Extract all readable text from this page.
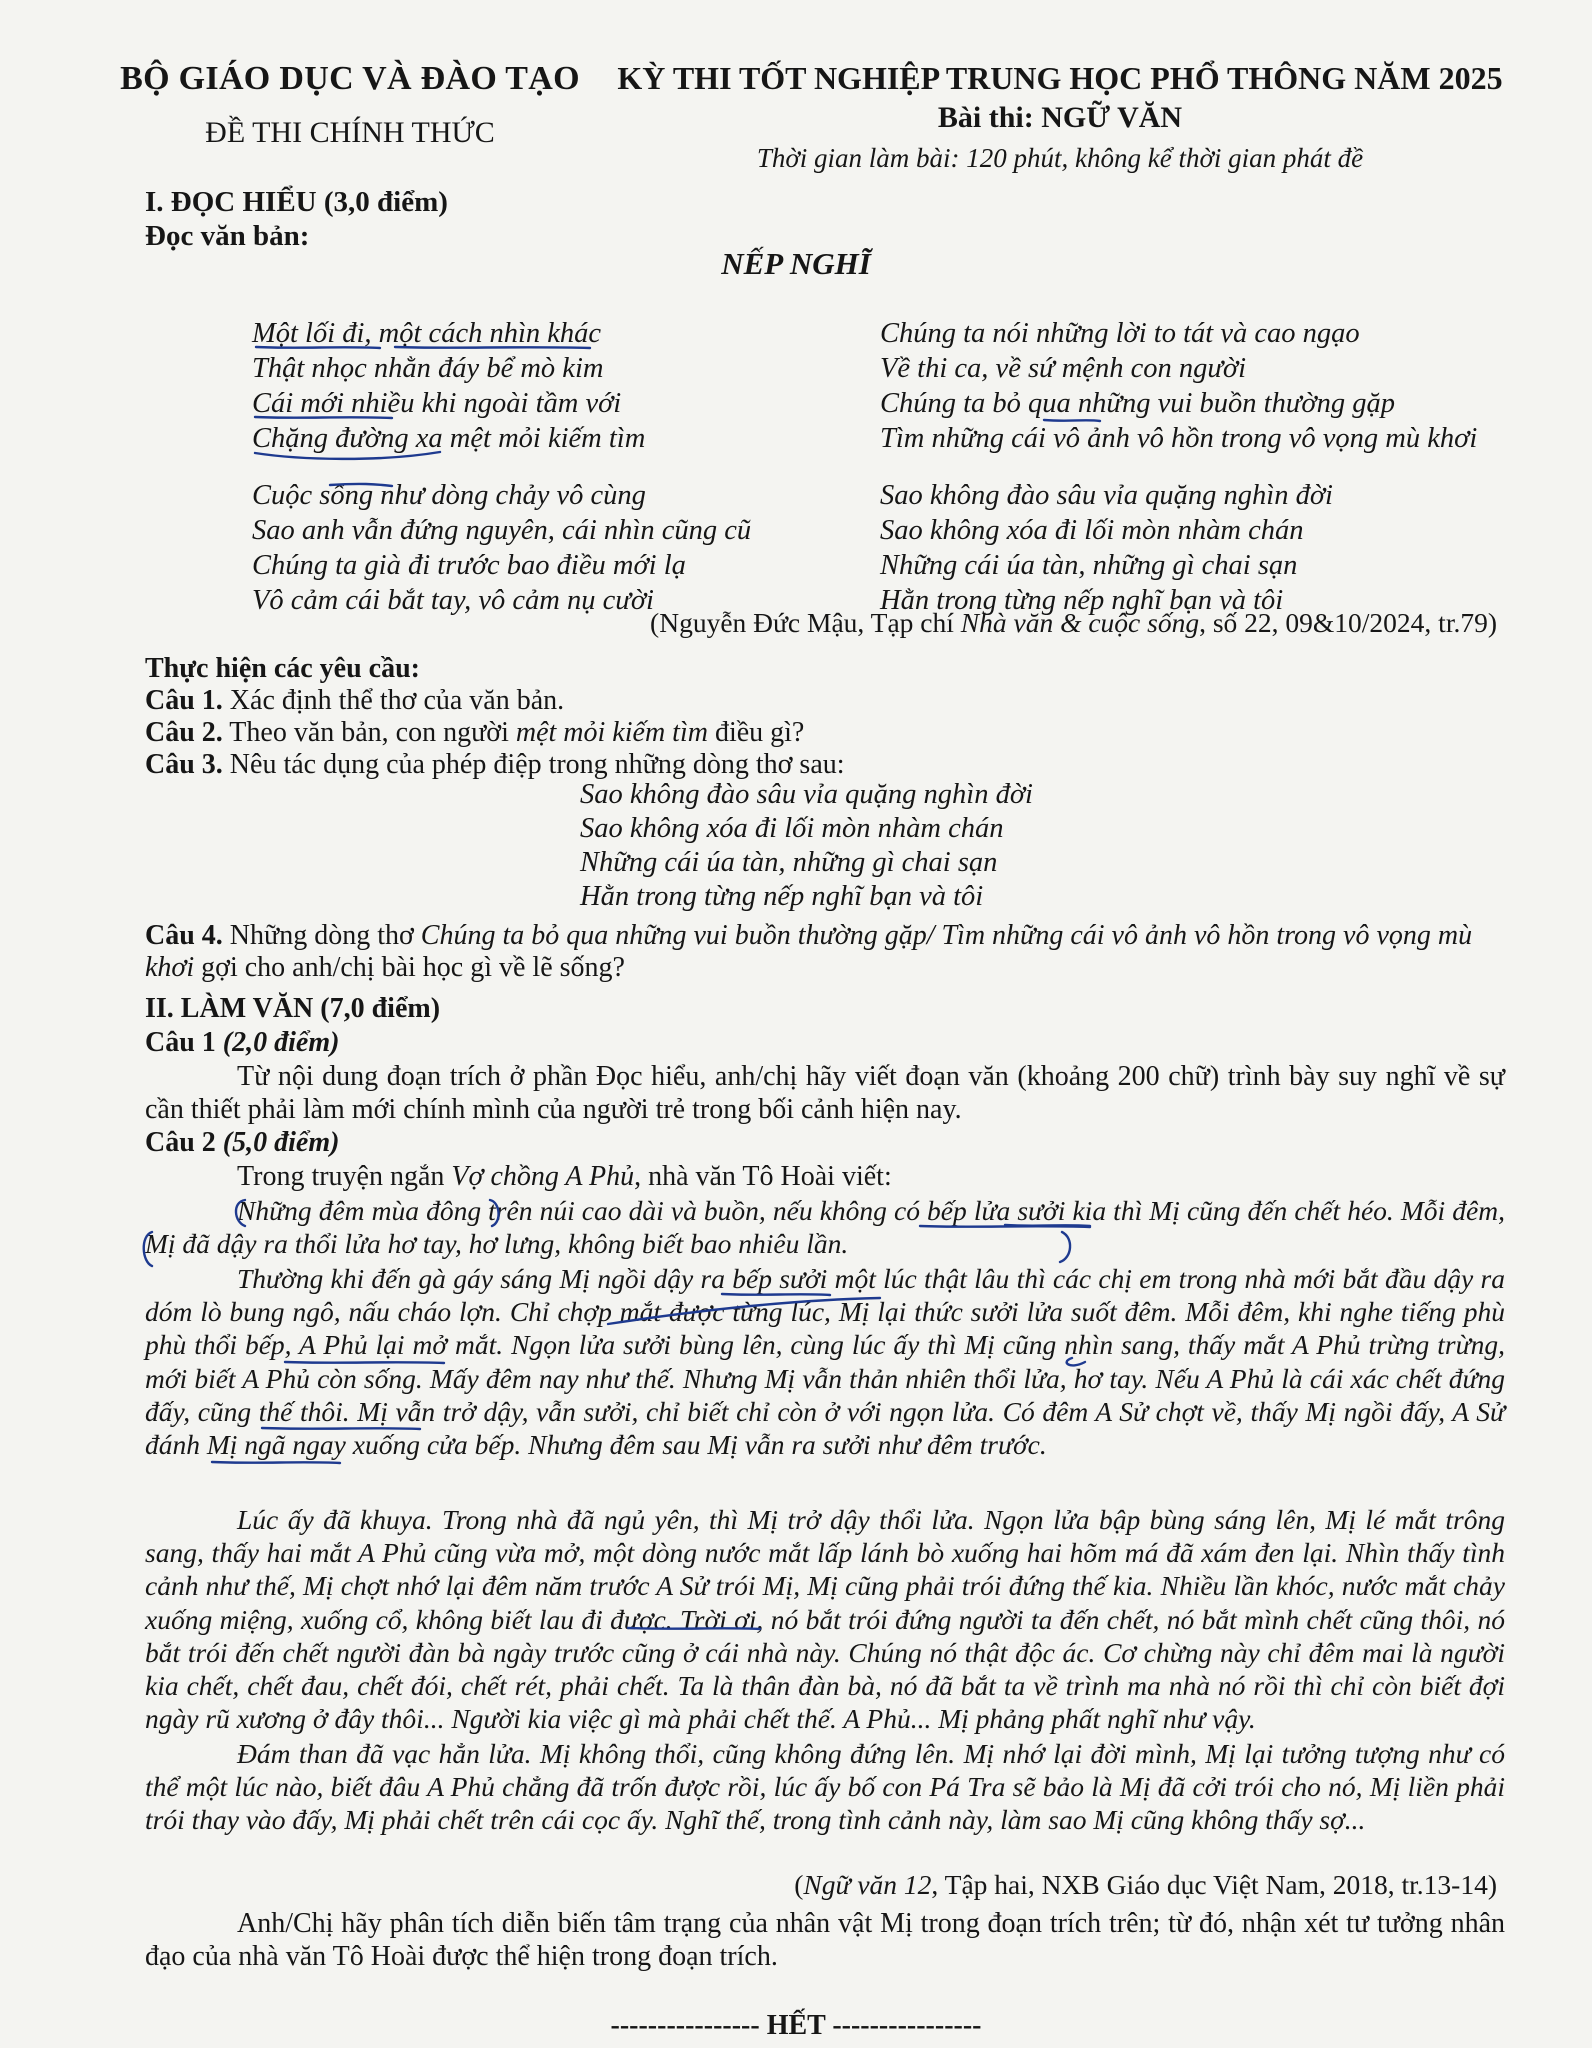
BỘ GIÁO DỤC VÀ ĐÀO TẠO
ĐỀ THI CHÍNH THỨC
KỲ THI TỐT NGHIỆP TRUNG HỌC PHỔ THÔNG NĂM 2025
Bài thi: NGỮ VĂN
Thời gian làm bài: 120 phút, không kể thời gian phát đề
I. ĐỌC HIỂU (3,0 điểm)
Đọc văn bản:
NẾP NGHĨ
Một lối đi, một cách nhìn khác
Thật nhọc nhằn đáy bể mò kim
Cái mới nhiều khi ngoài tầm với
Chặng đường xa mệt mỏi kiếm tìm
Cuộc sống như dòng chảy vô cùng
Sao anh vẫn đứng nguyên, cái nhìn cũng cũ
Chúng ta già đi trước bao điều mới lạ
Vô cảm cái bắt tay, vô cảm nụ cười
Chúng ta nói những lời to tát và cao ngạo
Về thi ca, về sứ mệnh con người
Chúng ta bỏ qua những vui buồn thường gặp
Tìm những cái vô ảnh vô hồn trong vô vọng mù khơi
Sao không đào sâu vỉa quặng nghìn đời
Sao không xóa đi lối mòn nhàm chán
Những cái úa tàn, những gì chai sạn
Hằn trong từng nếp nghĩ bạn và tôi
(Nguyễn Đức Mậu, Tạp chí Nhà văn & cuộc sống, số 22, 09&10/2024, tr.79)
Thực hiện các yêu cầu:
Câu 1. Xác định thể thơ của văn bản.
Câu 2. Theo văn bản, con người mệt mỏi kiếm tìm điều gì?
Câu 3. Nêu tác dụng của phép điệp trong những dòng thơ sau:
Sao không đào sâu vỉa quặng nghìn đời
Sao không xóa đi lối mòn nhàm chán
Những cái úa tàn, những gì chai sạn
Hằn trong từng nếp nghĩ bạn và tôi
Câu 4. Những dòng thơ Chúng ta bỏ qua những vui buồn thường gặp/ Tìm những cái vô ảnh vô hồn trong vô vọng mù khơi gợi cho anh/chị bài học gì về lẽ sống?
II. LÀM VĂN (7,0 điểm)
Câu 1 (2,0 điểm)
Từ nội dung đoạn trích ở phần Đọc hiểu, anh/chị hãy viết đoạn văn (khoảng 200 chữ) trình bày suy nghĩ về sự cần thiết phải làm mới chính mình của người trẻ trong bối cảnh hiện nay.
Câu 2 (5,0 điểm)
Trong truyện ngắn Vợ chồng A Phủ, nhà văn Tô Hoài viết:
Những đêm mùa đông trên núi cao dài và buồn, nếu không có bếp lửa sưởi kia thì Mị cũng đến chết héo. Mỗi đêm, Mị đã dậy ra thổi lửa hơ tay, hơ lưng, không biết bao nhiêu lần.
Thường khi đến gà gáy sáng Mị ngồi dậy ra bếp sưởi một lúc thật lâu thì các chị em trong nhà mới bắt đầu dậy ra dóm lò bung ngô, nấu cháo lợn. Chỉ chợp mắt được từng lúc, Mị lại thức sưởi lửa suốt đêm. Mỗi đêm, khi nghe tiếng phù phù thổi bếp, A Phủ lại mở mắt. Ngọn lửa sưởi bùng lên, cùng lúc ấy thì Mị cũng nhìn sang, thấy mắt A Phủ trừng trừng, mới biết A Phủ còn sống. Mấy đêm nay như thế. Nhưng Mị vẫn thản nhiên thổi lửa, hơ tay. Nếu A Phủ là cái xác chết đứng đấy, cũng thế thôi. Mị vẫn trở dậy, vẫn sưởi, chỉ biết chỉ còn ở với ngọn lửa. Có đêm A Sử chợt về, thấy Mị ngồi đấy, A Sử đánh Mị ngã ngay xuống cửa bếp. Nhưng đêm sau Mị vẫn ra sưởi như đêm trước.
Lúc ấy đã khuya. Trong nhà đã ngủ yên, thì Mị trở dậy thổi lửa. Ngọn lửa bập bùng sáng lên, Mị lé mắt trông sang, thấy hai mắt A Phủ cũng vừa mở, một dòng nước mắt lấp lánh bò xuống hai hõm má đã xám đen lại. Nhìn thấy tình cảnh như thế, Mị chợt nhớ lại đêm năm trước A Sử trói Mị, Mị cũng phải trói đứng thế kia. Nhiều lần khóc, nước mắt chảy xuống miệng, xuống cổ, không biết lau đi được. Trời ơi, nó bắt trói đứng người ta đến chết, nó bắt mình chết cũng thôi, nó bắt trói đến chết người đàn bà ngày trước cũng ở cái nhà này. Chúng nó thật độc ác. Cơ chừng này chỉ đêm mai là người kia chết, chết đau, chết đói, chết rét, phải chết. Ta là thân đàn bà, nó đã bắt ta về trình ma nhà nó rồi thì chỉ còn biết đợi ngày rũ xương ở đây thôi... Người kia việc gì mà phải chết thế. A Phủ... Mị phảng phất nghĩ như vậy.
Đám than đã vạc hẳn lửa. Mị không thổi, cũng không đứng lên. Mị nhớ lại đời mình, Mị lại tưởng tượng như có thể một lúc nào, biết đâu A Phủ chẳng đã trốn được rồi, lúc ấy bố con Pá Tra sẽ bảo là Mị đã cởi trói cho nó, Mị liền phải trói thay vào đấy, Mị phải chết trên cái cọc ấy. Nghĩ thế, trong tình cảnh này, làm sao Mị cũng không thấy sợ...
(Ngữ văn 12, Tập hai, NXB Giáo dục Việt Nam, 2018, tr.13-14)
Anh/Chị hãy phân tích diễn biến tâm trạng của nhân vật Mị trong đoạn trích trên; từ đó, nhận xét tư tưởng nhân đạo của nhà văn Tô Hoài được thể hiện trong đoạn trích.
---------------- HẾT ----------------
